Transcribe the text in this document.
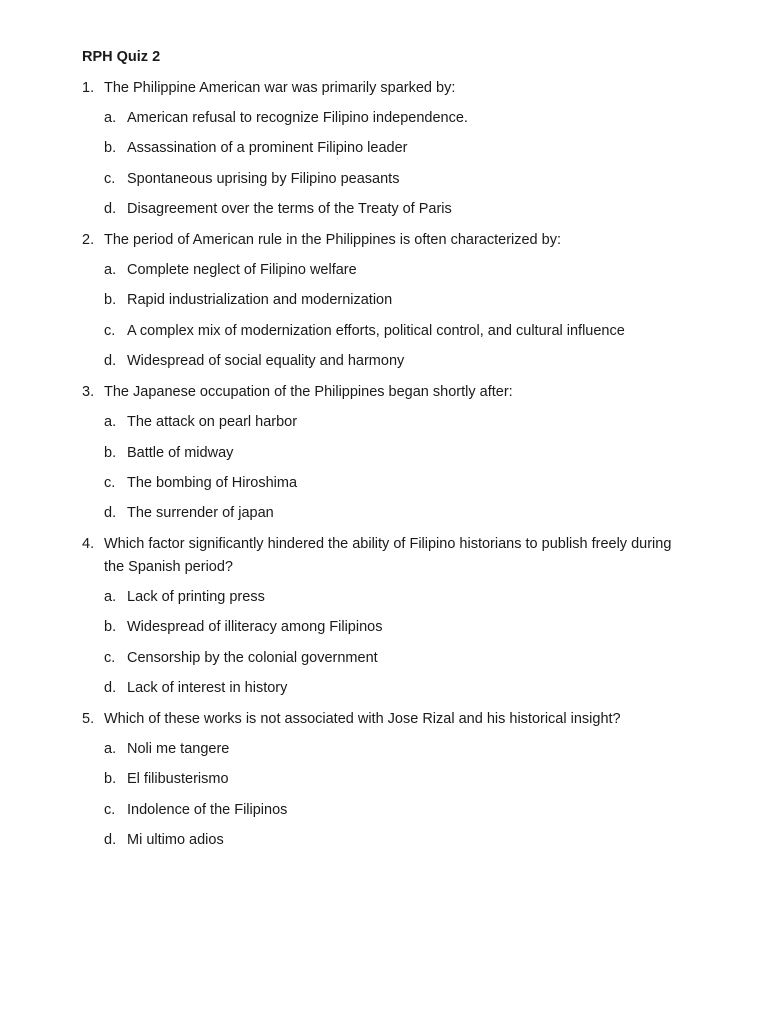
RPH Quiz 2
1. The Philippine American war was primarily sparked by:
a. American refusal to recognize Filipino independence.
b. Assassination of a prominent Filipino leader
c. Spontaneous uprising by Filipino peasants
d. Disagreement over the terms of the Treaty of Paris
2. The period of American rule in the Philippines is often characterized by:
a. Complete neglect of Filipino welfare
b. Rapid industrialization and modernization
c. A complex mix of modernization efforts, political control, and cultural influence
d. Widespread of social equality and harmony
3. The Japanese occupation of the Philippines began shortly after:
a. The attack on pearl harbor
b. Battle of midway
c. The bombing of Hiroshima
d. The surrender of japan
4. Which factor significantly hindered the ability of Filipino historians to publish freely during
the Spanish period?
a. Lack of printing press
b. Widespread of illiteracy among Filipinos
c. Censorship by the colonial government
d. Lack of interest in history
5. Which of these works is not associated with Jose Rizal and his historical insight?
a. Noli me tangere
b. El filibusterismo
c. Indolence of the Filipinos
d. Mi ultimo adios
